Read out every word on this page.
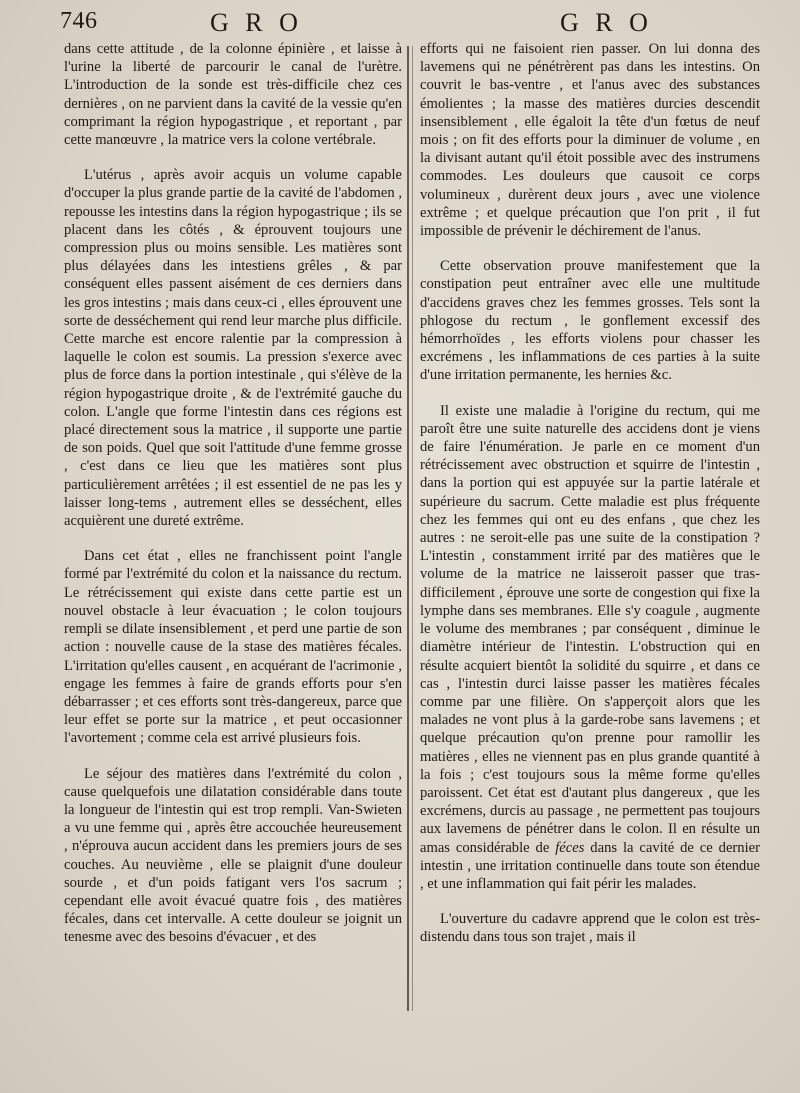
746	G R O	G R O

dans cette attitude , de la colonne épinière , et laisse à l'urine la liberté de parcourir le canal de l'urètre. L'introduction de la sonde est très-difficile chez ces dernières , on ne parvient dans la cavité de la vessie qu'en comprimant la région hypogastrique , et reportant , par cette manœuvre , la matrice vers la colone vertébrale.

L'utérus , après avoir acquis un volume capable d'occuper la plus grande partie de la cavité de l'abdomen , repousse les intestins dans la région hypogastrique ; ils se placent dans les côtés , & éprouvent toujours une compression plus ou moins sensible. Les matières sont plus délayées dans les intestiens grêles , & par conséquent elles passent aisément de ces derniers dans les gros intestins ; mais dans ceux-ci , elles éprouvent une sorte de desséchement qui rend leur marche plus difficile. Cette marche est encore ralentie par la compression à laquelle le colon est soumis. La pression s'exerce avec plus de force dans la portion intestinale , qui s'élève de la région hypogastrique droite , & de l'extrémité gauche du colon. L'angle que forme l'intestin dans ces régions est placé directement sous la matrice , il supporte une partie de son poids. Quel que soit l'attitude d'une femme grosse , c'est dans ce lieu que les matières sont plus particulièrement arrêtées ; il est essentiel de ne pas les y laisser long-tems , autrement elles se desséchent, elles acquièrent une dureté extrême.

Dans cet état , elles ne franchissent point l'angle formé par l'extrémité du colon et la naissance du rectum. Le rétrécissement qui existe dans cette partie est un nouvel obstacle à leur évacuation ; le colon toujours rempli se dilate insensiblement , et perd une partie de son action : nouvelle cause de la stase des matières fécales. L'irritation qu'elles causent , en acquérant de l'acrimonie , engage les femmes à faire de grands efforts pour s'en débarrasser ; et ces efforts sont très-dangereux, parce que leur effet se porte sur la matrice , et peut occasionner l'avortement ; comme cela est arrivé plusieurs fois.

Le séjour des matières dans l'extrémité du colon , cause quelquefois une dilatation considérable dans toute la longueur de l'intestin qui est trop rempli. Van-Swieten a vu une femme qui , après être accouchée heureusement , n'éprouva aucun accident dans les premiers jours de ses couches. Au neuvième , elle se plaignit d'une douleur sourde , et d'un poids fatigant vers l'os sacrum ; cependant elle avoit évacué quatre fois , des matières fécales, dans cet intervalle. A cette douleur se joignit un tenesme avec des besoins d'évacuer , et des

efforts qui ne faisoient rien passer. On lui donna des lavemens qui ne pénétrèrent pas dans les intestins. On couvrit le bas-ventre , et l'anus avec des substances émolientes ; la masse des matières durcies descendit insensiblement , elle égaloit la tête d'un fœtus de neuf mois ; on fit des efforts pour la diminuer de volume , en la divisant autant qu'il étoit possible avec des instrumens commodes. Les douleurs que causoit ce corps volumineux , durèrent deux jours , avec une violence extrême ; et quelque précaution que l'on prit , il fut impossible de prévenir le déchirement de l'anus.

Cette observation prouve manifestement que la constipation peut entraîner avec elle une multitude d'accidens graves chez les femmes grosses. Tels sont la phlogose du rectum , le gonflement excessif des hémorrhoïdes , les efforts violens pour chasser les excrémens , les inflammations de ces parties à la suite d'une irritation permanente, les hernies &c.

Il existe une maladie à l'origine du rectum, qui me paroît être une suite naturelle des accidens dont je viens de faire l'énumération. Je parle en ce moment d'un rétrécissement avec obstruction et squirre de l'intestin , dans la portion qui est appuyée sur la partie latérale et supérieure du sacrum. Cette maladie est plus fréquente chez les femmes qui ont eu des enfans , que chez les autres : ne seroit-elle pas une suite de la constipation ? L'intestin , constamment irrité par des matières que le volume de la matrice ne laisseroit passer que tras-difficilement , éprouve une sorte de congestion qui fixe la lymphe dans ses membranes. Elle s'y coagule , augmente le volume des membranes ; par conséquent , diminue le diamètre intérieur de l'intestin. L'obstruction qui en résulte acquiert bientôt la solidité du squirre , et dans ce cas , l'intestin durci laisse passer les matières fécales comme par une filière. On s'apperçoit alors que les malades ne vont plus à la garde-robe sans lavemens ; et quelque précaution qu'on prenne pour ramollir les matières , elles ne viennent pas en plus grande quantité à la fois ; c'est toujours sous la même forme qu'elles paroissent. Cet état est d'autant plus dangereux , que les excrémens, durcis au passage , ne permettent pas toujours aux lavemens de pénétrer dans le colon. Il en résulte un amas considérable de féces dans la cavité de ce dernier intestin , une irritation continuelle dans toute son étendue , et une inflammation qui fait périr les malades.

L'ouverture du cadavre apprend que le colon est très-distendu dans tous son trajet , mais il
